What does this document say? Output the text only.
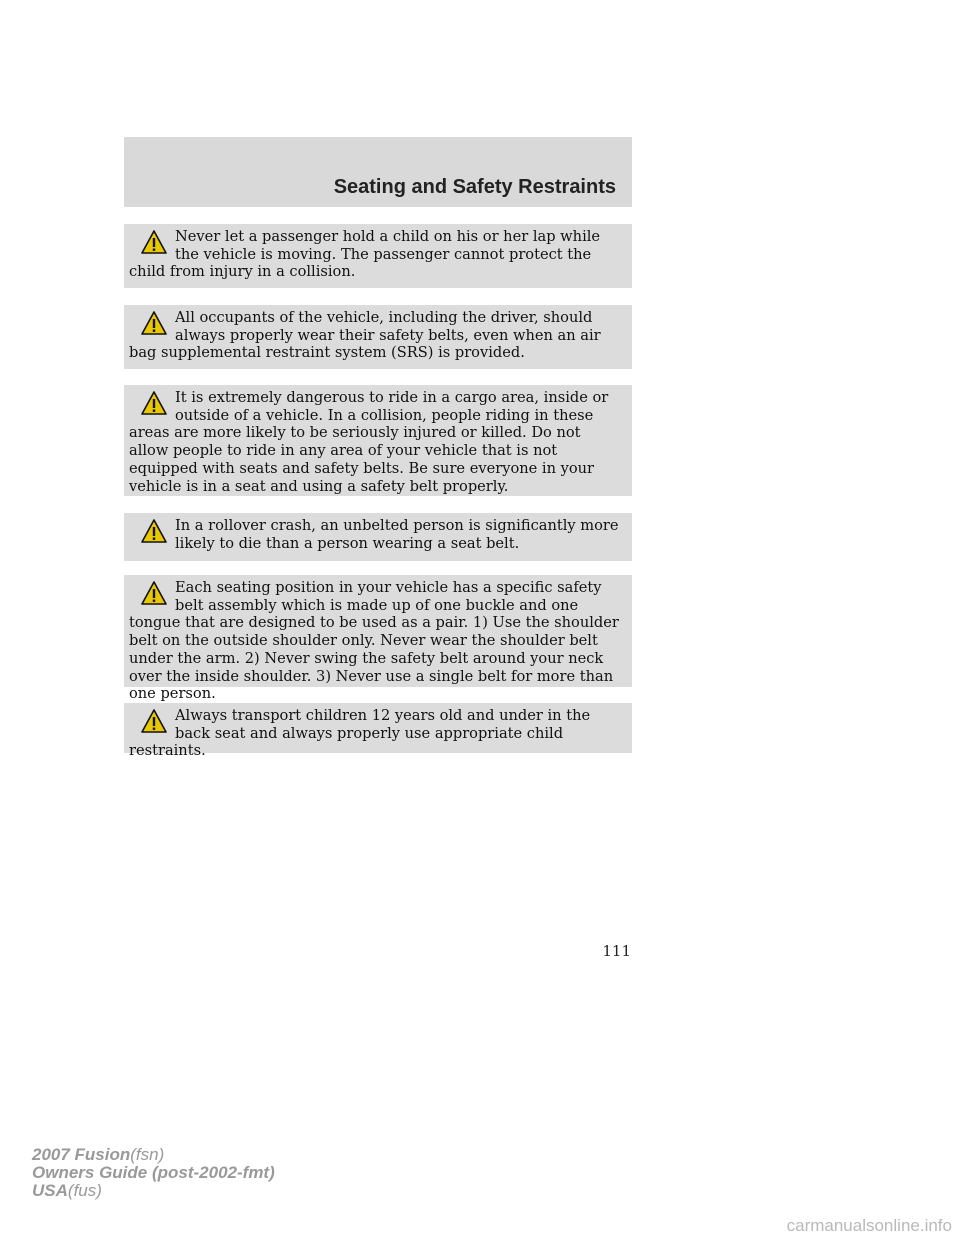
Seating and Safety Restraints

Never let a passenger hold a child on his or her lap while the vehicle is moving. The passenger cannot protect the child from injury in a collision.

All occupants of the vehicle, including the driver, should always properly wear their safety belts, even when an air bag supplemental restraint system (SRS) is provided.

It is extremely dangerous to ride in a cargo area, inside or outside of a vehicle. In a collision, people riding in these areas are more likely to be seriously injured or killed. Do not allow people to ride in any area of your vehicle that is not equipped with seats and safety belts. Be sure everyone in your vehicle is in a seat and using a safety belt properly.

In a rollover crash, an unbelted person is significantly more likely to die than a person wearing a seat belt.

Each seating position in your vehicle has a specific safety belt assembly which is made up of one buckle and one tongue that are designed to be used as a pair. 1) Use the shoulder belt on the outside shoulder only. Never wear the shoulder belt under the arm. 2) Never swing the safety belt around your neck over the inside shoulder. 3) Never use a single belt for more than one person.

Always transport children 12 years old and under in the back seat and always properly use appropriate child restraints.

111
2007 Fusion(fsn)
Owners Guide (post-2002-fmt)
USA(fus)
carmanualsonline.info
